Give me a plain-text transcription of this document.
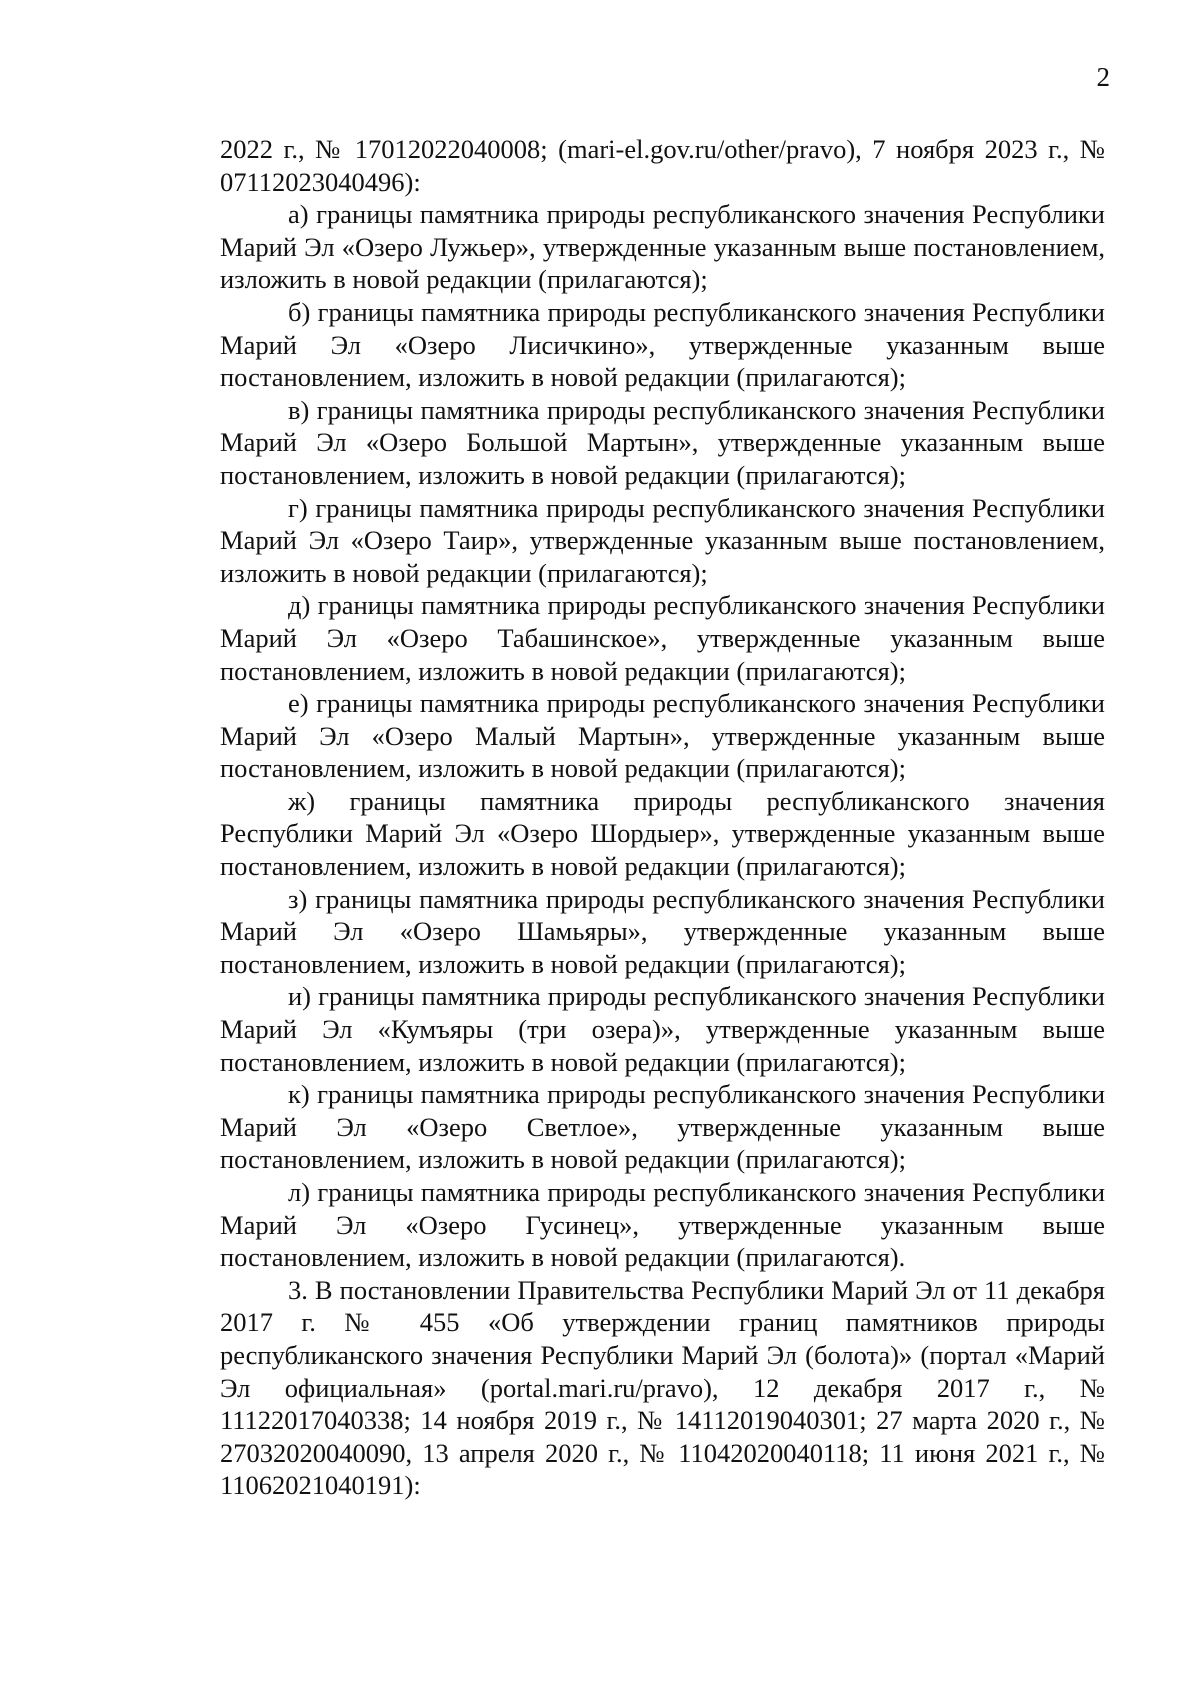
2

2022 г., № 17012022040008; (mari-el.gov.ru/other/pravo), 7 ноября 2023 г., № 07112023040496):

а) границы памятника природы республиканского значения Республики Марий Эл «Озеро Лужьер», утвержденные указанным выше постановлением, изложить в новой редакции (прилагаются);

б) границы памятника природы республиканского значения Республики Марий Эл «Озеро Лисичкино», утвержденные указанным выше постановлением, изложить в новой редакции (прилагаются);

в) границы памятника природы республиканского значения Республики Марий Эл «Озеро Большой Мартын», утвержденные указанным выше постановлением, изложить в новой редакции (прилагаются);

г) границы памятника природы республиканского значения Республики Марий Эл «Озеро Таир», утвержденные указанным выше постановлением, изложить в новой редакции (прилагаются);

д) границы памятника природы республиканского значения Республики Марий Эл «Озеро Табашинское», утвержденные указанным выше постановлением, изложить в новой редакции (прилагаются);

е) границы памятника природы республиканского значения Республики Марий Эл «Озеро Малый Мартын», утвержденные указанным выше постановлением, изложить в новой редакции (прилагаются);

ж) границы памятника природы республиканского значения Республики Марий Эл «Озеро Шордыер», утвержденные указанным выше постановлением, изложить в новой редакции (прилагаются);

з) границы памятника природы республиканского значения Республики Марий Эл «Озеро Шамьяры», утвержденные указанным выше постановлением, изложить в новой редакции (прилагаются);

и) границы памятника природы республиканского значения Республики Марий Эл «Кумъяры (три озера)», утвержденные указанным выше постановлением, изложить в новой редакции (прилагаются);

к) границы памятника природы республиканского значения Республики Марий Эл «Озеро Светлое», утвержденные указанным выше постановлением, изложить в новой редакции (прилагаются);

л) границы памятника природы республиканского значения Республики Марий Эл «Озеро Гусинец», утвержденные указанным выше постановлением, изложить в новой редакции (прилагаются).

3. В постановлении Правительства Республики Марий Эл от 11 декабря 2017 г. № 455 «Об утверждении границ памятников природы республиканского значения Республики Марий Эл (болота)» (портал «Марий Эл официальная» (portal.mari.ru/pravo), 12 декабря 2017 г., № 11122017040338; 14 ноября 2019 г., № 14112019040301; 27 марта 2020 г., № 27032020040090, 13 апреля 2020 г., № 11042020040118; 11 июня 2021 г., № 11062021040191):
